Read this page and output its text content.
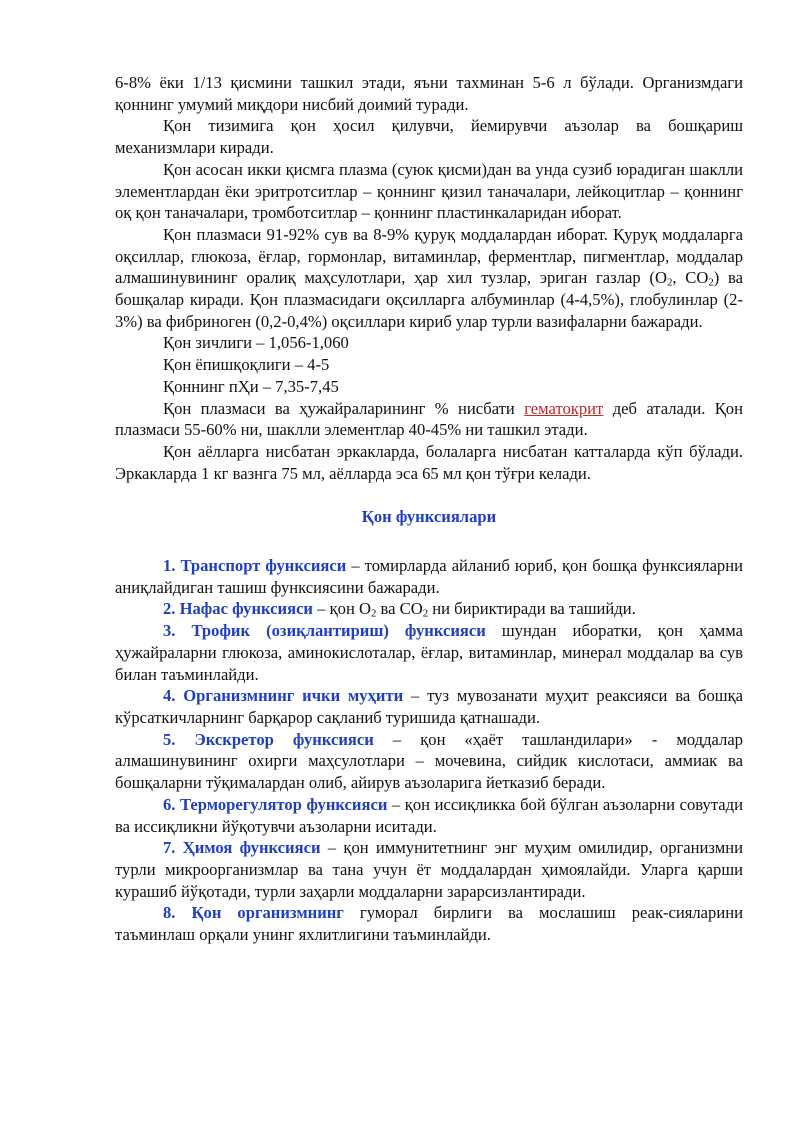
6-8% ёки 1/13 қисмини ташкил этади, яъни тахминан 5-6 л бўлади. Организмдаги қоннинг умумий миқдори нисбий доимий туради.

Қон тизимига қон ҳосил қилувчи, йемирувчи аъзолар ва бошқариш механизмлари киради.

Қон асосан икки қисмга плазма (суюк қисми)дан ва унда сузиб юрадиган шаклли элементлардан ёки эритротситлар – қоннинг қизил таначалари, лейкоцитлар – қоннинг оқ қон таначалари, тромботситлар – қоннинг пластинкаларидан иборат.

Қон плазмаси 91-92% сув ва 8-9% қуруқ моддалардан иборат. Қуруқ моддаларга оқсиллар, глюкоза, ёғлар, гормонлар, витаминлар, ферментлар, пигментлар, моддалар алмашинувининг оралиқ маҳсулотлари, ҳар хил тузлар, эриган газлар ($O_2$, $CO_2$) ва бошқалар киради. Қон плазмасидаги оқсилларга албуминлар (4-4,5%), глобулинлар (2-3%) ва фибриноген (0,2-0,4%) оқсиллари кириб улар турли вазифаларни бажаради.

Қон зичлиги – 1,056-1,060

Қон ёпишқоқлиги – 4-5

Қоннинг пҲи – 7,35-7,45

Қон плазмаси ва ҳужайраларининг % нисбати гематокрит деб аталади. Қон плазмаси 55-60% ни, шаклли элементлар 40-45% ни ташкил этади.

Қон аёлларга нисбатан эркакларда, болаларга нисбатан катталарда кўп бўлади. Эркакларда 1 кг вазнга 75 мл, аёлларда эса 65 мл қон тўғри келади.

Қон функсиялари

1. Транспорт функсияси – томирларда айланиб юриб, қон бошқа функсияларни аниқлайдиган ташиш функсиясини бажаради.

2. Нафас функсияси – қон $O_2$ ва $CO_2$ ни бириктиради ва ташийди.

3. Трофик (озиқлантириш) функсияси шундан иборатки, қон ҳамма ҳужайраларни глюкоза, аминокислоталар, ёғлар, витаминлар, минерал моддалар ва сув билан таъминлайди.

4. Организмнинг ички муҳити – туз мувозанати муҳит реаксияси ва бошқа кўрсаткичларнинг барқарор сақланиб туришида қатнашади.

5. Экскретор функсияси – қон «ҳаёт ташландилари» - моддалар алмашинувининг охирги маҳсулотлари – мочевина, сийдик кислотаси, аммиак ва бошқаларни тўқималардан олиб, айирув аъзоларига йетказиб беради.

6. Терморегулятор функсияси – қон иссиқликка бой бўлган аъзоларни совутади ва иссиқликни йўқотувчи аъзоларни иситади.

7. Ҳимоя функсияси – қон иммунитетнинг энг муҳим омилидир, организмни турли микроорганизмлар ва тана учун ёт моддалардан ҳимоялайди. Уларга қарши курашиб йўқотади, турли заҳарли моддаларни зарарсизлантиради.

8. Қон организмнинг гуморал бирлиги ва мослашиш реак-сияларини таъминлаш орқали унинг яхлитлигини таъминлайди.
